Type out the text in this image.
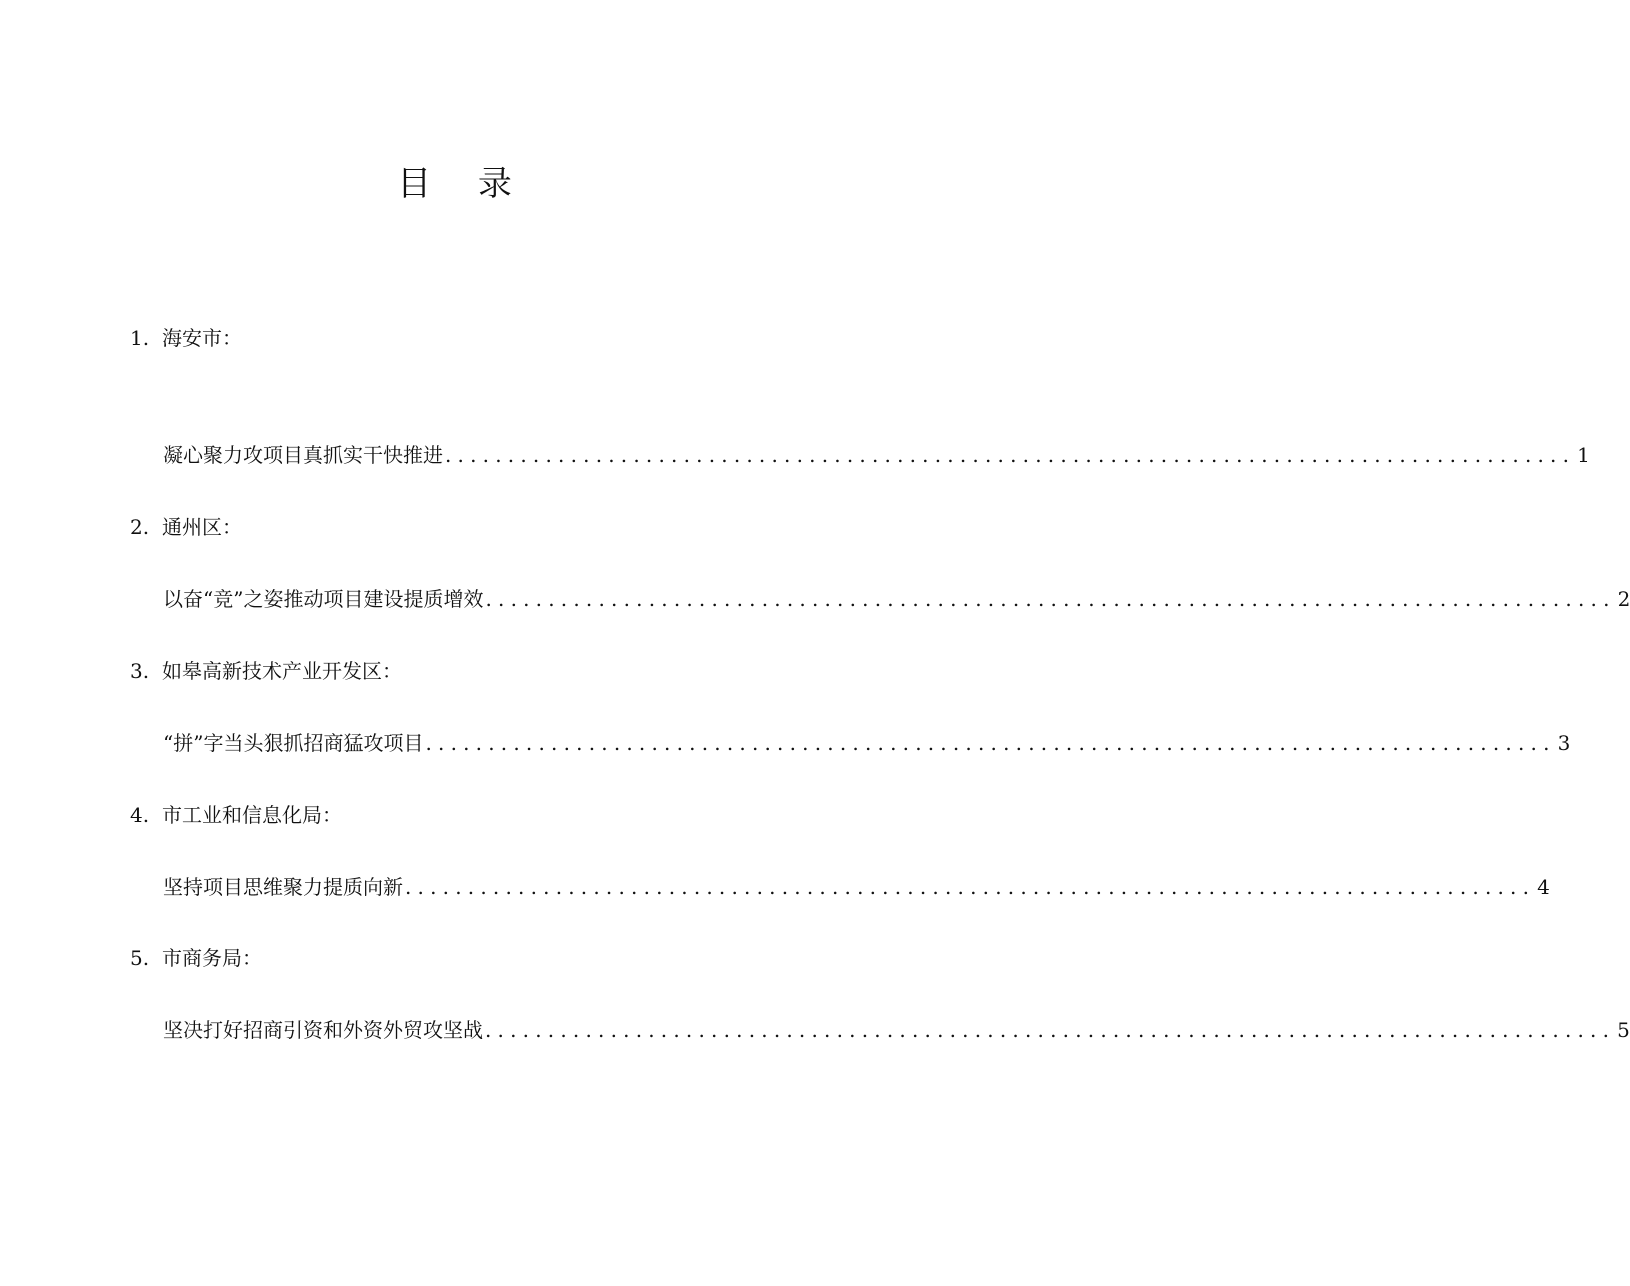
目 录
1. 海安市：
凝心聚力攻项目真抓实干快推进 .......................................................................................... 1
2. 通州区：
以奋“竞”之姿推动项目建设提质增效 .......................................................................................... 2
3. 如皋高新技术产业开发区：
“拼”字当头狠抓招商猛攻项目 .......................................................................................... 3
4. 市工业和信息化局：
坚持项目思维聚力提质向新 .......................................................................................... 4
5. 市商务局：
坚决打好招商引资和外资外贸攻坚战 .......................................................................................... 5
